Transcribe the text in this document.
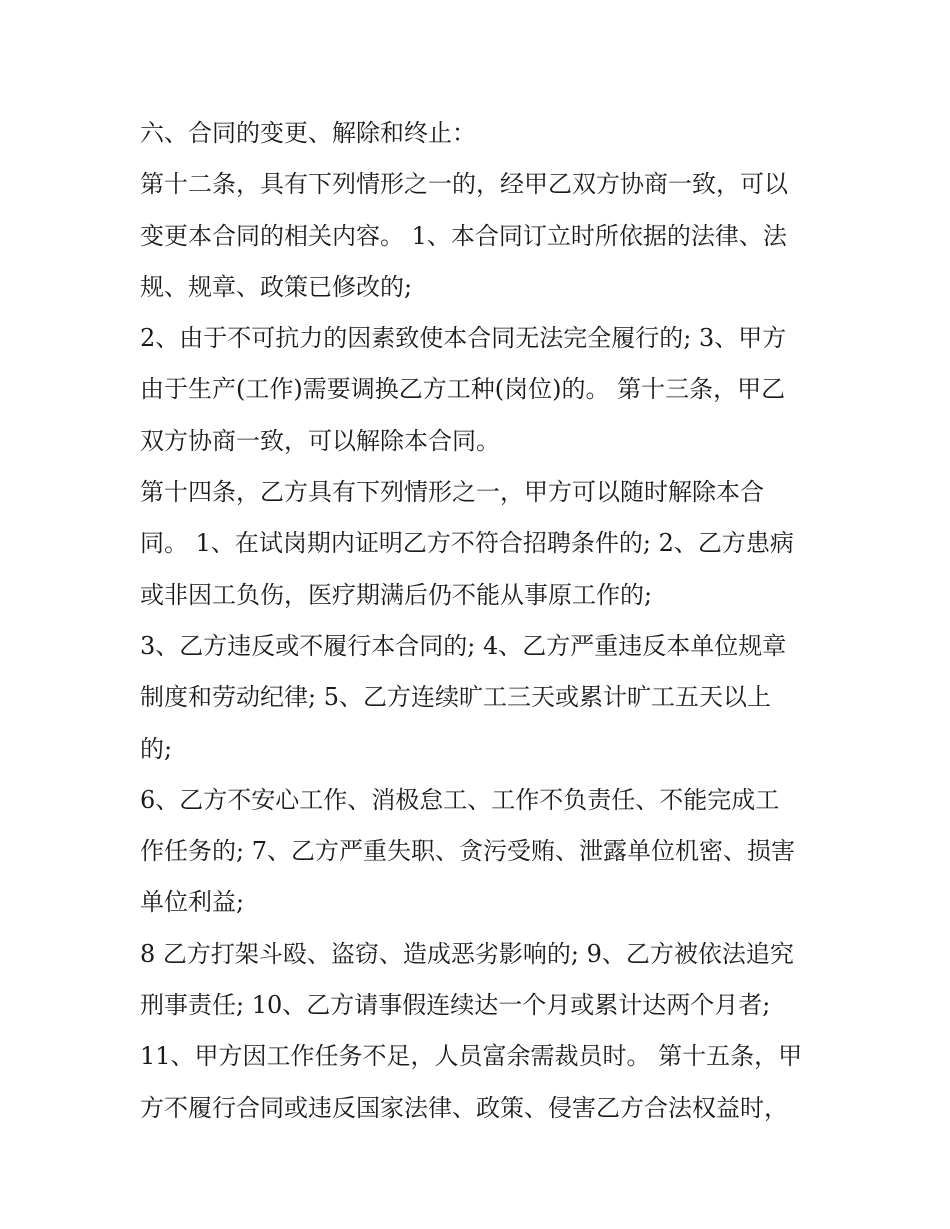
六、合同的变更、解除和终止：
第十二条，具有下列情形之一的，经甲乙双方协商一致，可以
变更本合同的相关内容。 1、本合同订立时所依据的法律、法
规、规章、政策已修改的;
2、由于不可抗力的因素致使本合同无法完全履行的; 3、甲方
由于生产(工作)需要调换乙方工种(岗位)的。 第十三条，甲乙
双方协商一致，可以解除本合同。
第十四条，乙方具有下列情形之一，甲方可以随时解除本合
同。 1、在试岗期内证明乙方不符合招聘条件的; 2、乙方患病
或非因工负伤，医疗期满后仍不能从事原工作的;
3、乙方违反或不履行本合同的; 4、乙方严重违反本单位规章
制度和劳动纪律; 5、乙方连续旷工三天或累计旷工五天以上
的;
6、乙方不安心工作、消极怠工、工作不负责任、不能完成工
作任务的; 7、乙方严重失职、贪污受贿、泄露单位机密、损害
单位利益;
8 乙方打架斗殴、盗窃、造成恶劣影响的; 9、乙方被依法追究
刑事责任; 10、乙方请事假连续达一个月或累计达两个月者;
11、甲方因工作任务不足，人员富余需裁员时。 第十五条，甲
方不履行合同或违反国家法律、政策、侵害乙方合法权益时，
